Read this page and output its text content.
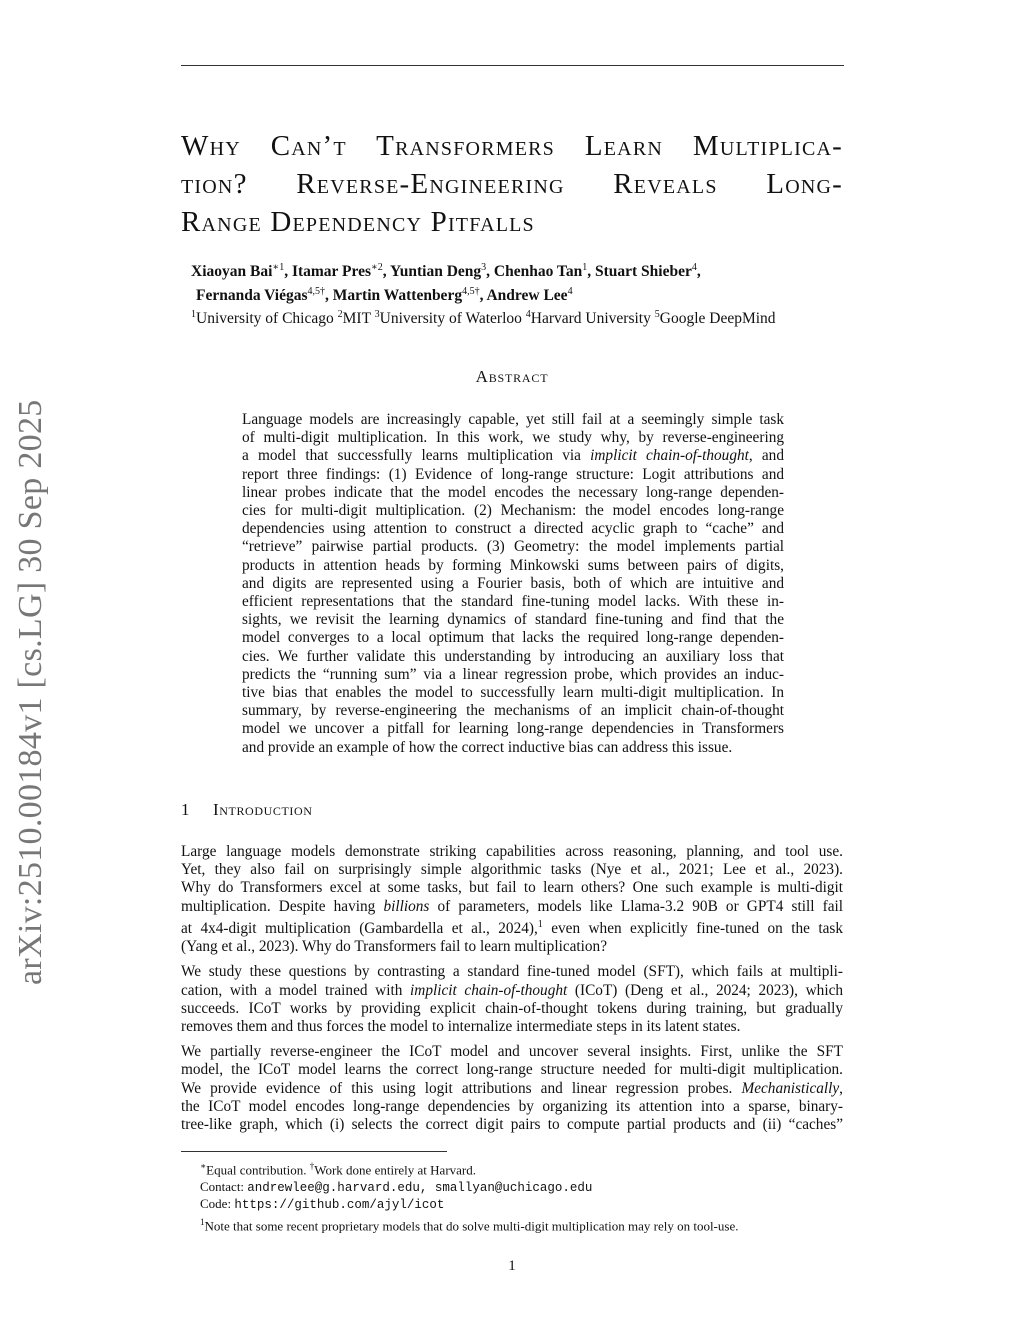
arXiv:2510.00184v1 [cs.LG] 30 Sep 2025
Why Can’t Transformers Learn Multiplica-
tion? Reverse-Engineering Reveals Long-
Range Dependency Pitfalls
Xiaoyan Bai$^{∗1}$, Itamar Pres$^{∗2}$, Yuntian Deng$^3$, Chenhao Tan$^1$, Stuart Shieber$^4$,
Fernanda Viégas$^{4,5\dagger}$, Martin Wattenberg$^{4,5\dagger}$, Andrew Lee$^4$
$^1$University of Chicago $^2$MIT $^3$University of Waterloo $^4$Harvard University $^5$Google DeepMind
Abstract
Language models are increasingly capable, yet still fail at a seemingly simple task
of multi-digit multiplication. In this work, we study why, by reverse-engineering
a model that successfully learns multiplication via implicit chain-of-thought, and
report three findings: (1) Evidence of long-range structure: Logit attributions and
linear probes indicate that the model encodes the necessary long-range dependen-
cies for multi-digit multiplication. (2) Mechanism: the model encodes long-range
dependencies using attention to construct a directed acyclic graph to “cache” and
“retrieve” pairwise partial products. (3) Geometry: the model implements partial
products in attention heads by forming Minkowski sums between pairs of digits,
and digits are represented using a Fourier basis, both of which are intuitive and
efficient representations that the standard fine-tuning model lacks. With these in-
sights, we revisit the learning dynamics of standard fine-tuning and find that the
model converges to a local optimum that lacks the required long-range dependen-
cies. We further validate this understanding by introducing an auxiliary loss that
predicts the “running sum” via a linear regression probe, which provides an induc-
tive bias that enables the model to successfully learn multi-digit multiplication. In
summary, by reverse-engineering the mechanisms of an implicit chain-of-thought
model we uncover a pitfall for learning long-range dependencies in Transformers
and provide an example of how the correct inductive bias can address this issue.
1 Introduction

Large language models demonstrate striking capabilities across reasoning, planning, and tool use.
Yet, they also fail on surprisingly simple algorithmic tasks (Nye et al., 2021; Lee et al., 2023).
Why do Transformers excel at some tasks, but fail to learn others? One such example is multi-digit
multiplication. Despite having billions of parameters, models like Llama-3.2 90B or GPT4 still fail
at 4x4-digit multiplication (Gambardella et al., 2024),$^1$ even when explicitly fine-tuned on the task
(Yang et al., 2023). Why do Transformers fail to learn multiplication?

We study these questions by contrasting a standard fine-tuned model (SFT), which fails at multipli-
cation, with a model trained with implicit chain-of-thought (ICoT) (Deng et al., 2024; 2023), which
succeeds. ICoT works by providing explicit chain-of-thought tokens during training, but gradually
removes them and thus forces the model to internalize intermediate steps in its latent states.

We partially reverse-engineer the ICoT model and uncover several insights. First, unlike the SFT
model, the ICoT model learns the correct long-range structure needed for multi-digit multiplication.
We provide evidence of this using logit attributions and linear regression probes. Mechanistically,
the ICoT model encodes long-range dependencies by organizing its attention into a sparse, binary-
tree-like graph, which (i) selects the correct digit pairs to compute partial products and (ii) “caches”

∗Equal contribution. †Work done entirely at Harvard.
Contact: andrewlee@g.harvard.edu, smallyan@uchicago.edu
Code: https://github.com/ajyl/icot
$^1$Note that some recent proprietary models that do solve multi-digit multiplication may rely on tool-use.
1
